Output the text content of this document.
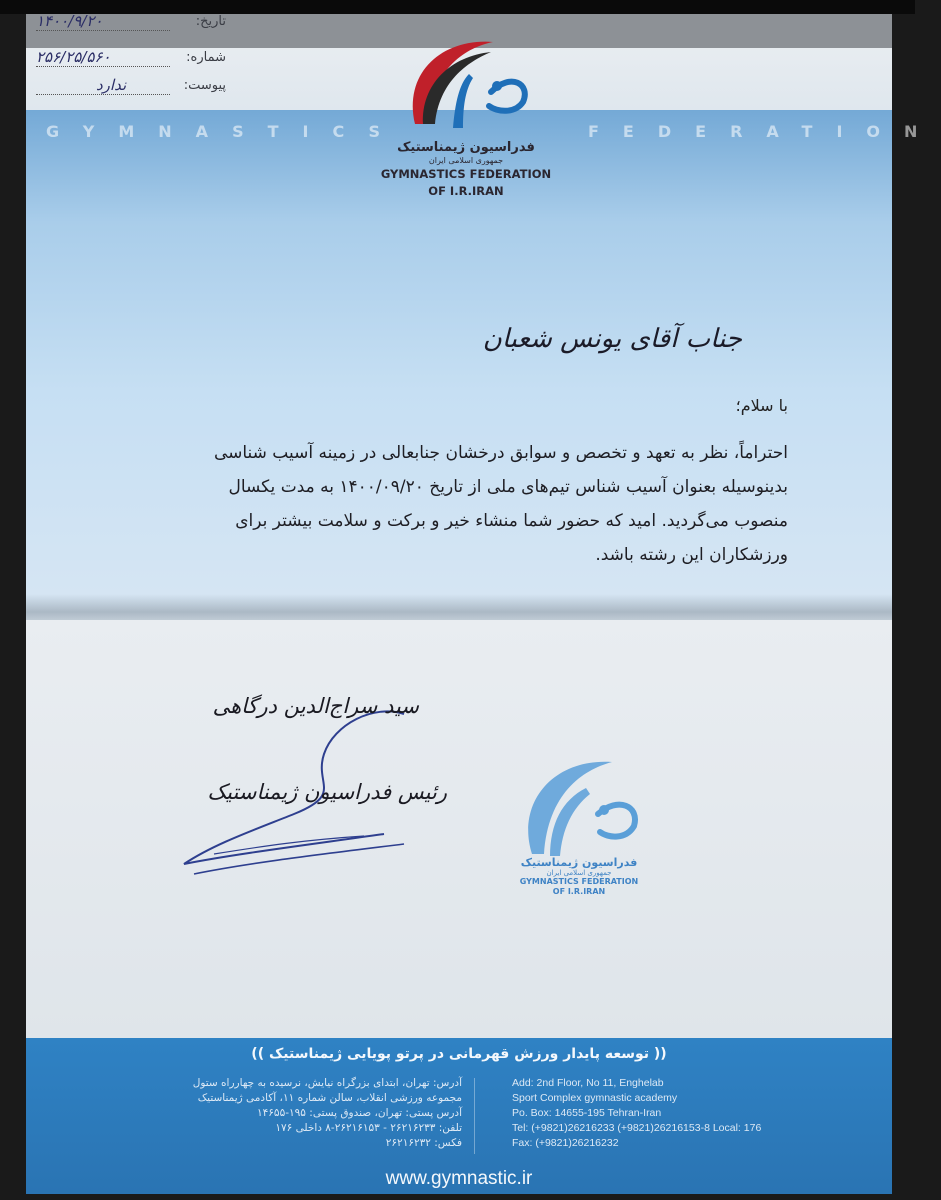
تاریخ:
۱۴۰۰/۹/۲۰
شماره:
۲۵۶/۲۵/۵۶۰
پیوست:
ندارد
GYMNASTICS	FEDERATION
فدراسیون ژیمناستیک
جمهوری اسلامی ایران
GYMNASTICS FEDERATION
OF I.R.IRAN
جناب آقای یونس شعبان
با سلام؛
احتراماً، نظر به تعهد و تخصص و سوابق درخشان جنابعالی در زمینه آسیب شناسی
بدینوسیله بعنوان آسیب شناس تیم‌های ملی از تاریخ ۱۴۰۰/۰۹/۲۰ به مدت یکسال
منصوب می‌گردید. امید که حضور شما منشاء خیر و برکت و سلامت بیشتر برای
ورزشکاران این رشته باشد.
سید سراج‌الدین درگاهی
رئیس فدراسیون ژیمناستیک
فدراسیون ژیمناستیک
جمهوری اسلامی ایران
GYMNASTICS FEDERATION
OF I.R.IRAN
(( توسعه پایدار ورزش قهرمانی در پرتو پویایی ژیمناستیک ))
آدرس: تهران، ابتدای بزرگراه نیایش، نرسیده به چهارراه ستول
مجموعه ورزشی انقلاب، سالن شماره ۱۱، آکادمی ژیمناستیک
آدرس پستی: تهران، صندوق پستی: ۱۹۵-۱۴۶۵۵
تلفن: ۲۶۲۱۶۲۳۳ - ۲۶۲۱۶۱۵۳-۸ داخلی ۱۷۶
فکس: ۲۶۲۱۶۲۳۲
Add: 2nd Floor, No 11, Enghelab
Sport Complex gymnastic academy
Po. Box: 14655-195 Tehran-Iran
Tel: (+9821)26216233 (+9821)26216153-8 Local: 176
Fax: (+9821)26216232
www.gymnastic.ir
